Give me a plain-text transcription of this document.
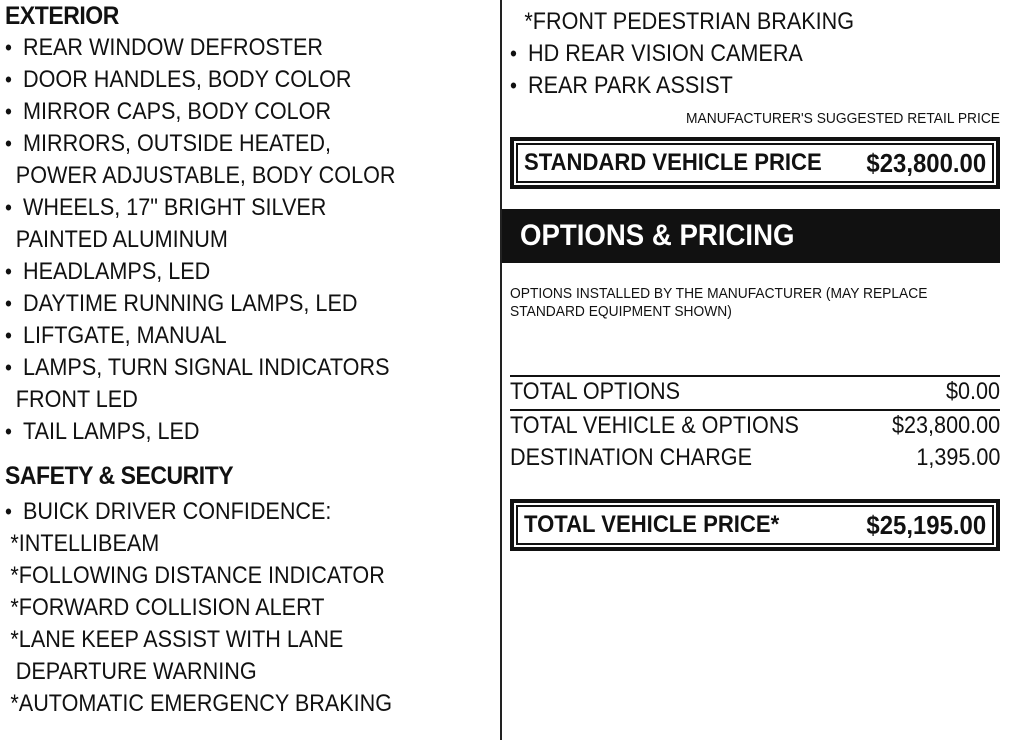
EXTERIOR
• REAR WINDOW DEFROSTER
• DOOR HANDLES, BODY COLOR
• MIRROR CAPS, BODY COLOR
• MIRRORS, OUTSIDE HEATED,
POWER ADJUSTABLE, BODY COLOR
• WHEELS, 17" BRIGHT SILVER
PAINTED ALUMINUM
• HEADLAMPS, LED
• DAYTIME RUNNING LAMPS, LED
• LIFTGATE, MANUAL
• LAMPS, TURN SIGNAL INDICATORS
FRONT LED
• TAIL LAMPS, LED
SAFETY & SECURITY
• BUICK DRIVER CONFIDENCE:
*INTELLIBEAM
*FOLLOWING DISTANCE INDICATOR
*FORWARD COLLISION ALERT
*LANE KEEP ASSIST WITH LANE
DEPARTURE WARNING
*AUTOMATIC EMERGENCY BRAKING
*FRONT PEDESTRIAN BRAKING
• HD REAR VISION CAMERA
• REAR PARK ASSIST
MANUFACTURER'S SUGGESTED RETAIL PRICE
STANDARD VEHICLE PRICE $23,800.00
OPTIONS & PRICING
OPTIONS INSTALLED BY THE MANUFACTURER (MAY REPLACE STANDARD EQUIPMENT SHOWN)
TOTAL OPTIONS	$0.00
TOTAL VEHICLE & OPTIONS	$23,800.00
DESTINATION CHARGE	1,395.00
TOTAL VEHICLE PRICE*	$25,195.00
